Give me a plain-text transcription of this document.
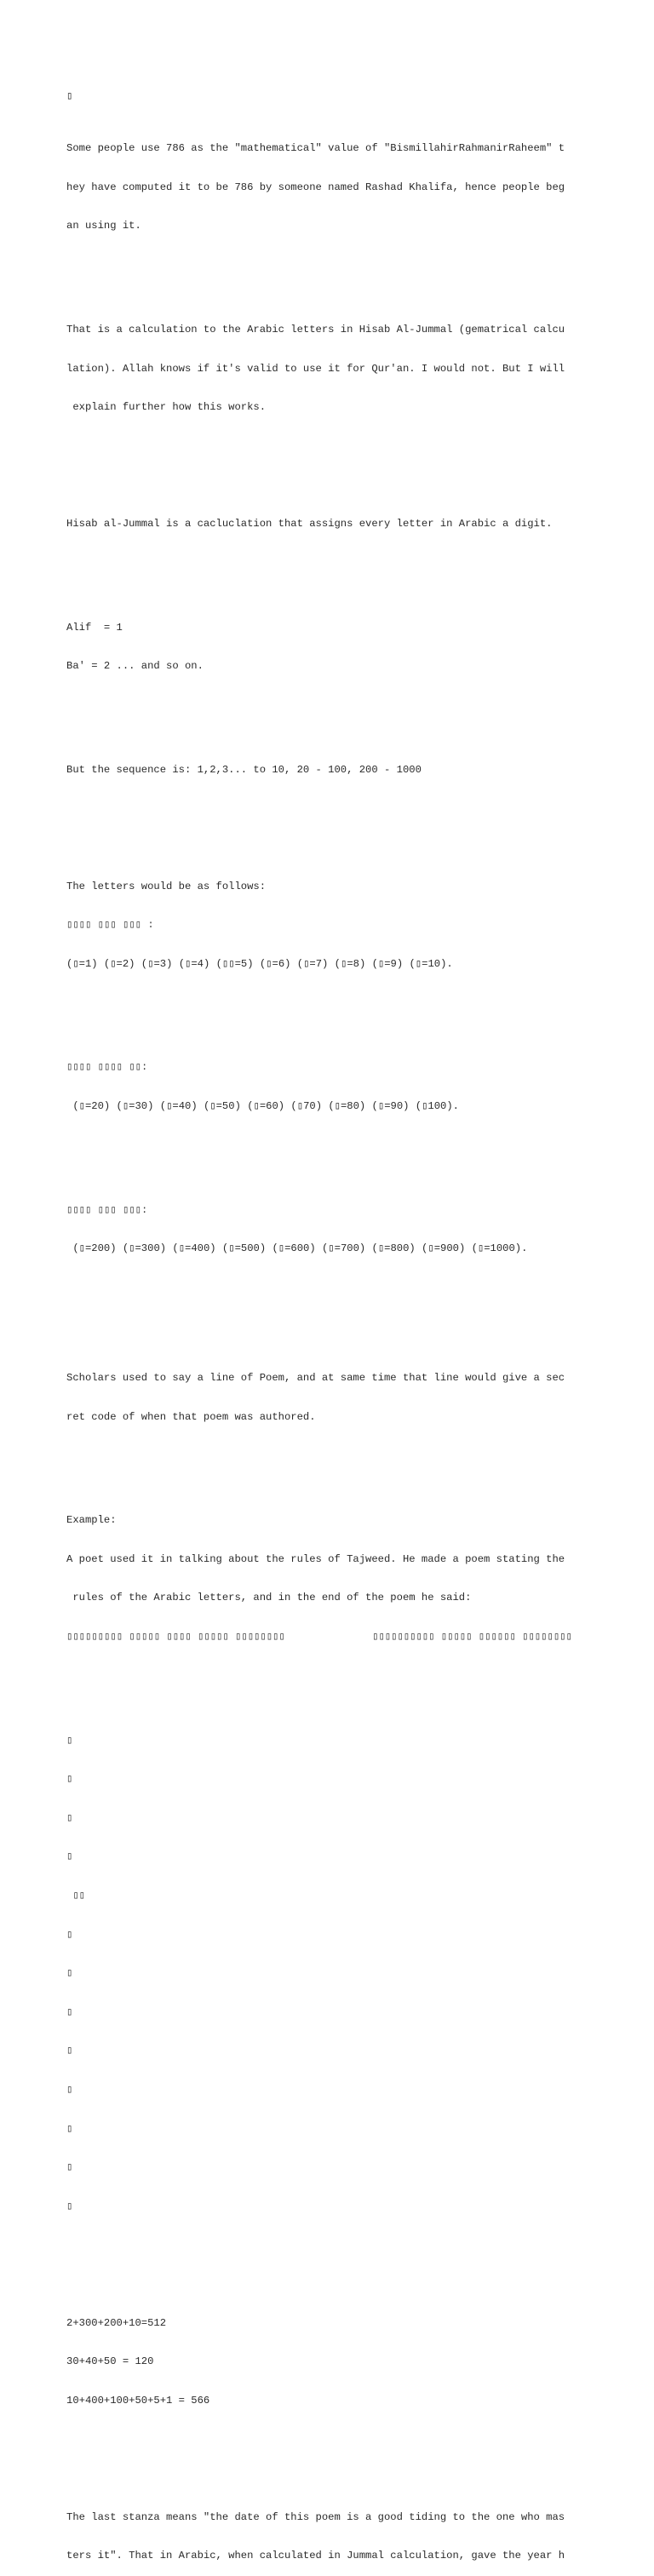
▯

Some people use 786 as the "mathematical" value of "BismillahirRahmanirRaheem" t

hey have computed it to be 786 by someone named Rashad Khalifa, hence people beg

an using it.

That is a calculation to the Arabic letters in Hisab Al-Jummal (gematrical calcu

lation). Allah knows if it's valid to use it for Qur'an. I would not. But I will

explain further how this works.

Hisab al-Jummal is a cacluclation that assigns every letter in Arabic a digit.

Alif  = 1

Ba' = 2 ... and so on.

But the sequence is: 1,2,3... to 10, 20 - 100, 200 - 1000

The letters would be as follows:

▯▯▯▯ ▯▯▯ ▯▯▯ :

(▯=1) (▯=2) (▯=3) (▯=4) (▯▯=5) (▯=6) (▯=7) (▯=8) (▯=9) (▯=10).

▯▯▯▯ ▯▯▯▯ ▯▯:

(▯=20) (▯=30) (▯=40) (▯=50) (▯=60) (▯70) (▯=80) (▯=90) (▯100).

▯▯▯▯ ▯▯▯ ▯▯▯:

(▯=200) (▯=300) (▯=400) (▯=500) (▯=600) (▯=700) (▯=800) (▯=900) (▯=1000).

Scholars used to say a line of Poem, and at same time that line would give a sec

ret code of when that poem was authored.

Example:

A poet used it in talking about the rules of Tajweed. He made a poem stating the

rules of the Arabic letters, and in the end of the poem he said:

▯▯▯▯▯▯▯▯▯ ▯▯▯▯▯ ▯▯▯▯ ▯▯▯▯▯ ▯▯▯▯▯▯▯▯              ▯▯▯▯▯▯▯▯▯▯ ▯▯▯▯▯ ▯▯▯▯▯▯ ▯▯▯▯▯▯▯▯

▯

▯

▯

▯

▯▯

▯

▯

▯

▯

▯

▯

▯

▯

2+300+200+10=512

30+40+50 = 120

10+400+100+50+5+1 = 566

The last stanza means "the date of this poem is a good tiding to the one who mas

ters it". That in Arabic, when calculated in Jummal calculation, gave the year h
